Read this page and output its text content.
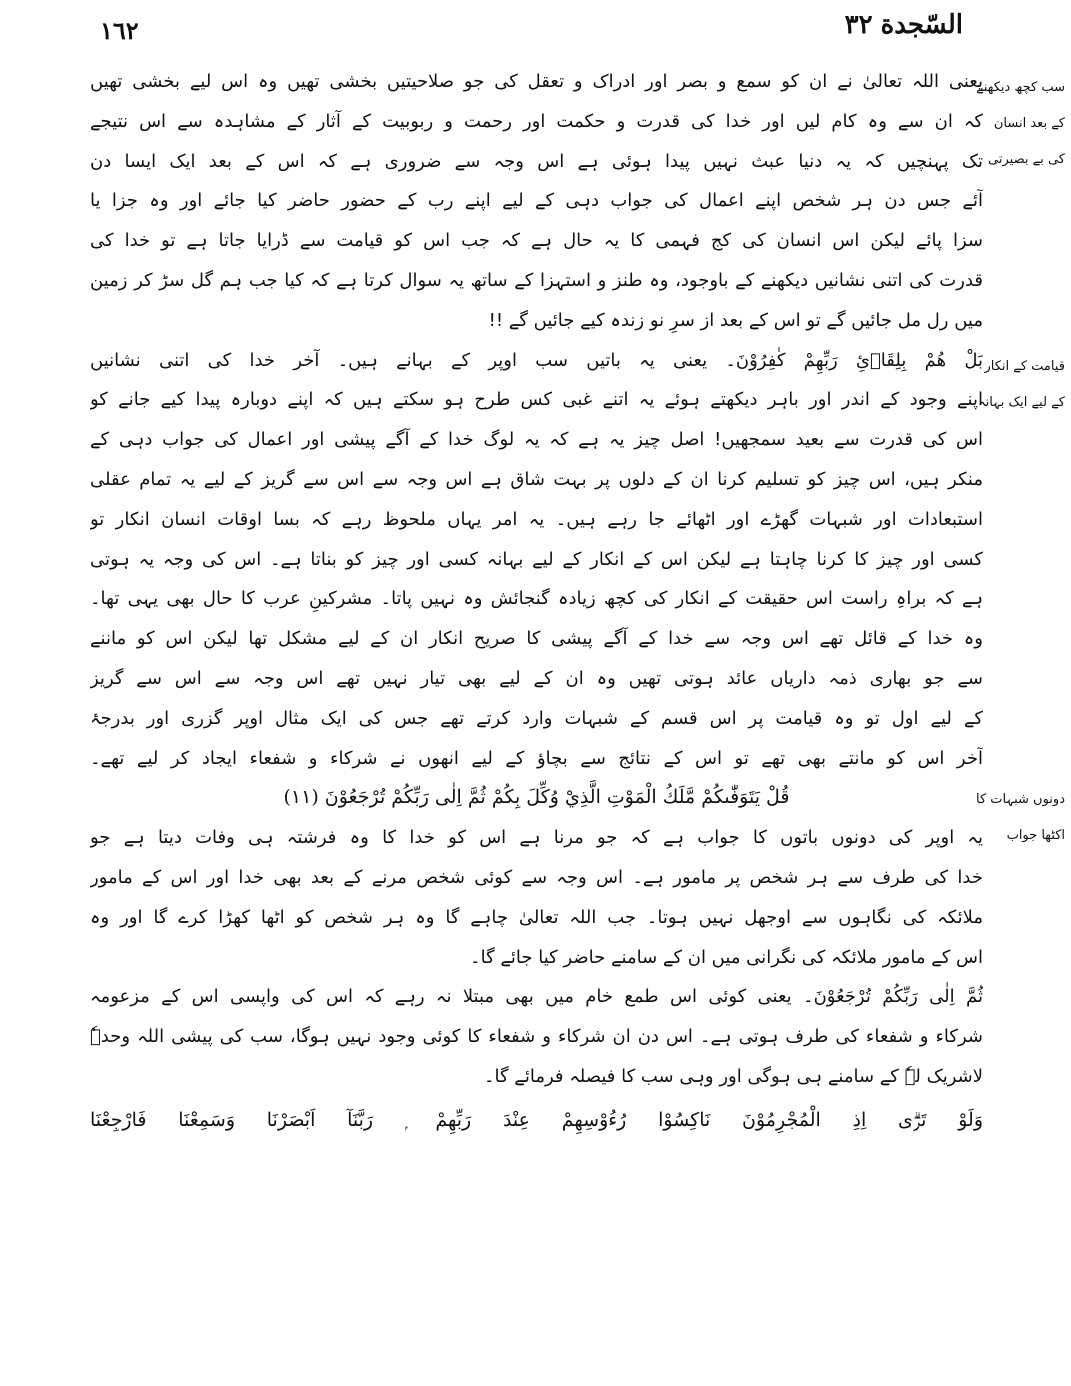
١٦٢	السّجدة٣٢
سب کچھ دیکھنے کے بعد انسان کی بے بصیرتی
یعنی اللہ تعالیٰ نے ان کو سمع و بصر اور ادراک و تعقل کی جو صلاحیتیں بخشی تھیں وہ اس لیے بخشی تھیں
کہ ان سے وہ کام لیں اور خدا کی قدرت و حکمت اور رحمت و ربوبیت کے آثار کے مشاہدہ سے اس نتیجے
تک پہنچیں کہ یہ دنیا عبث نہیں پیدا ہوئی ہے اس وجہ سے ضروری ہے کہ اس کے بعد ایک ایسا دن
آئے جس دن ہر شخص اپنے اعمال کی جواب دہی کے لیے اپنے رب کے حضور حاضر کیا جائے اور وہ جزا یا
سزا پائے لیکن اس انسان کی کج فہمی کا یہ حال ہے کہ جب اس کو قیامت سے ڈرایا جاتا ہے تو خدا کی
قدرت کی اتنی نشانیں دیکھنے کے باوجود، وہ طنز و استہزا کے ساتھ یہ سوال کرتا ہے کہ کیا جب ہم گل سڑ کر زمین
میں رل مل جائیں گے تو اس کے بعد از سرِ نو زندہ کیے جائیں گے !!
قیامت کے انکار کے لیے ایک بہانہ
بَلْ هُمْ بِلِقَاۗئِ رَبِّهِمْ كٰفِرُوْنَ۔ یعنی یہ باتیں سب اوپر کے بہانے ہیں۔ آخر خدا کی اتنی نشانیں
اپنے وجود کے اندر اور باہر دیکھتے ہوئے یہ اتنے غبی کس طرح ہو سکتے ہیں کہ اپنے دوبارہ پیدا کیے جانے کو
اس کی قدرت سے بعید سمجھیں! اصل چیز یہ ہے کہ یہ لوگ خدا کے آگے پیشی اور اعمال کی جواب دہی کے
منکر ہیں، اس چیز کو تسلیم کرنا ان کے دلوں پر بہت شاق ہے اس وجہ سے اس سے گریز کے لیے یہ تمام عقلی
استبعادات اور شبہات گھڑے اور اٹھائے جا رہے ہیں۔ یہ امر یہاں ملحوظ رہے کہ بسا اوقات انسان انکار تو
کسی اور چیز کا کرنا چاہتا ہے لیکن اس کے انکار کے لیے بہانہ کسی اور چیز کو بناتا ہے۔ اس کی وجہ یہ ہوتی
ہے کہ براہِ راست اس حقیقت کے انکار کی کچھ زیادہ گنجائش وہ نہیں پاتا۔ مشرکینِ عرب کا حال بھی یہی تھا۔
وہ خدا کے قائل تھے اس وجہ سے خدا کے آگے پیشی کا صریح انکار ان کے لیے مشکل تھا لیکن اس کو ماننے
سے جو بھاری ذمہ داریاں عائد ہوتی تھیں وہ ان کے لیے بھی تیار نہیں تھے اس وجہ سے اس سے گریز
کے لیے اول تو وہ قیامت پر اس قسم کے شبہات وارد کرتے تھے جس کی ایک مثال اوپر گزری اور بدرجۂ
آخر اس کو مانتے بھی تھے تو اس کے نتائج سے بچاؤ کے لیے انھوں نے شرکاء و شفعاء ایجاد کر لیے تھے۔
دونوں شبہات کا اکٹھا جواب
قُلْ يَتَوَفّٰىكُمْ مَّلَكُ الْمَوْتِ الَّذِيْ وُكِّلَ بِكُمْ ثُمَّ اِلٰى رَبِّكُمْ تُرْجَعُوْنَ (١١)
یہ اوپر کی دونوں باتوں کا جواب ہے کہ جو مرنا ہے اس کو خدا کا وہ فرشتہ ہی وفات دیتا ہے جو
خدا کی طرف سے ہر شخص پر مامور ہے۔ اس وجہ سے کوئی شخص مرنے کے بعد بھی خدا اور اس کے مامور
ملائکہ کی نگاہوں سے اوجھل نہیں ہوتا۔ جب اللہ تعالیٰ چاہے گا وہ ہر شخص کو اٹھا کھڑا کرے گا اور وہ
اس کے مامور ملائکہ کی نگرانی میں ان کے سامنے حاضر کیا جائے گا۔
ثُمَّ اِلٰى رَبِّكُمْ تُرْجَعُوْنَ۔ یعنی کوئی اس طمع خام میں بھی مبتلا نہ رہے کہ اس کی واپسی اس کے مزعومہ
شرکاء و شفعاء کی طرف ہوتی ہے۔ اس دن ان شرکاء و شفعاء کا کوئی وجود نہیں ہوگا، سب کی پیشی اللہ وحدہٗ
لاشریک لہٗ کے سامنے ہی ہوگی اور وہی سب کا فیصلہ فرمائے گا۔
وَلَوْ تَرٰۗى اِذِ الْمُجْرِمُوْنَ نَاكِسُوْا رُءُوْسِهِمْ عِنْدَ رَبِّهِمْ ۭ رَبَّنَآ اَبْصَرْنَا وَسَمِعْنَا فَارْجِعْنَا
